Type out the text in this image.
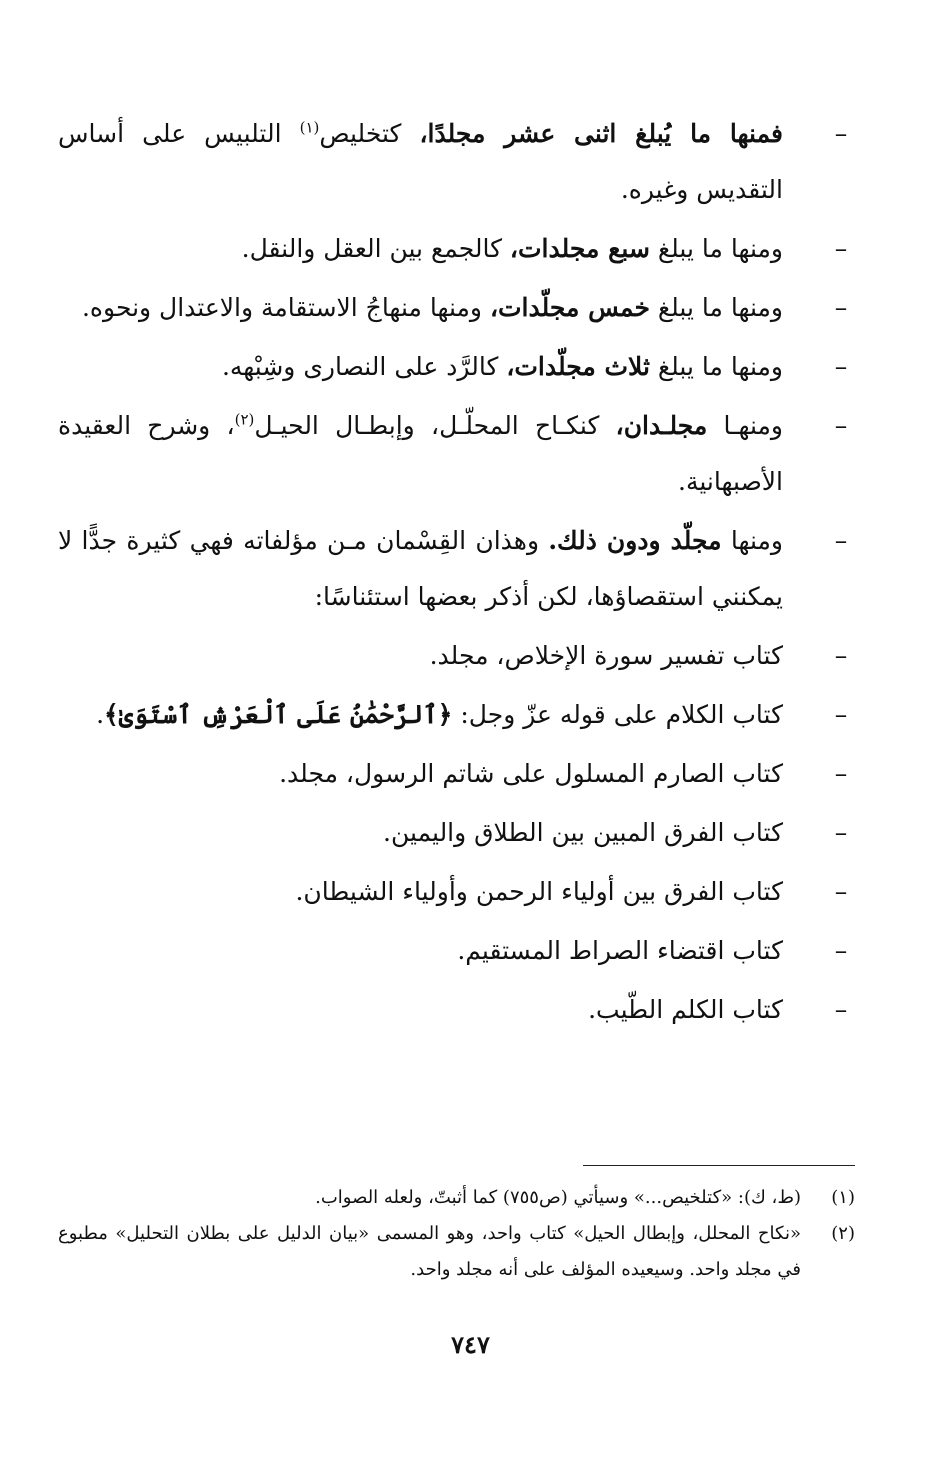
–
فمنها ما يُبلغ اثنى عشر مجلدًا، كتخليص$^{(١)}$ التلبيس على أساس التقديس وغيره.
–
ومنها ما يبلغ سبع مجلدات، كالجمع بين العقل والنقل.
–
ومنها ما يبلغ خمس مجلّدات، ومنها منهاجُ الاستقامة والاعتدال ونحوه.
–
ومنها ما يبلغ ثلاث مجلّدات، كالرَّد على النصارى وشِبْهه.
–
ومنهـا مجلـدان، كنكـاح المحلّـل، وإبطـال الحيـل$^{(٢)}$، وشرح العقيدة الأصبهانية.
–
ومنها مجلّد ودون ذلك. وهذان القِسْمان مـن مؤلفاته فهي كثيرة جدًّا لا يمكنني استقصاؤها، لكن أذكر بعضها استئناسًا:
–
كتاب تفسير سورة الإخلاص، مجلد.
–
كتاب الكلام على قوله عزّ وجل: ﴿ٱلرَّحْمَٰنُ عَلَى ٱلْعَرْشِ ٱسْتَوَىٰ﴾.
–
كتاب الصارم المسلول على شاتم الرسول، مجلد.
–
كتاب الفرق المبين بين الطلاق واليمين.
–
كتاب الفرق بين أولياء الرحمن وأولياء الشيطان.
–
كتاب اقتضاء الصراط المستقيم.
–
كتاب الكلم الطّيب.
(١)
(ط، ك): «كتلخيص...» وسيأتي (ص٧٥٥) كما أثبتّ، ولعله الصواب.
(٢)
«نكاح المحلل، وإبطال الحيل» كتاب واحد، وهو المسمى «بيان الدليل على بطلان التحليل» مطبوع في مجلد واحد. وسيعيده المؤلف على أنه مجلد واحد.
٧٤٧
